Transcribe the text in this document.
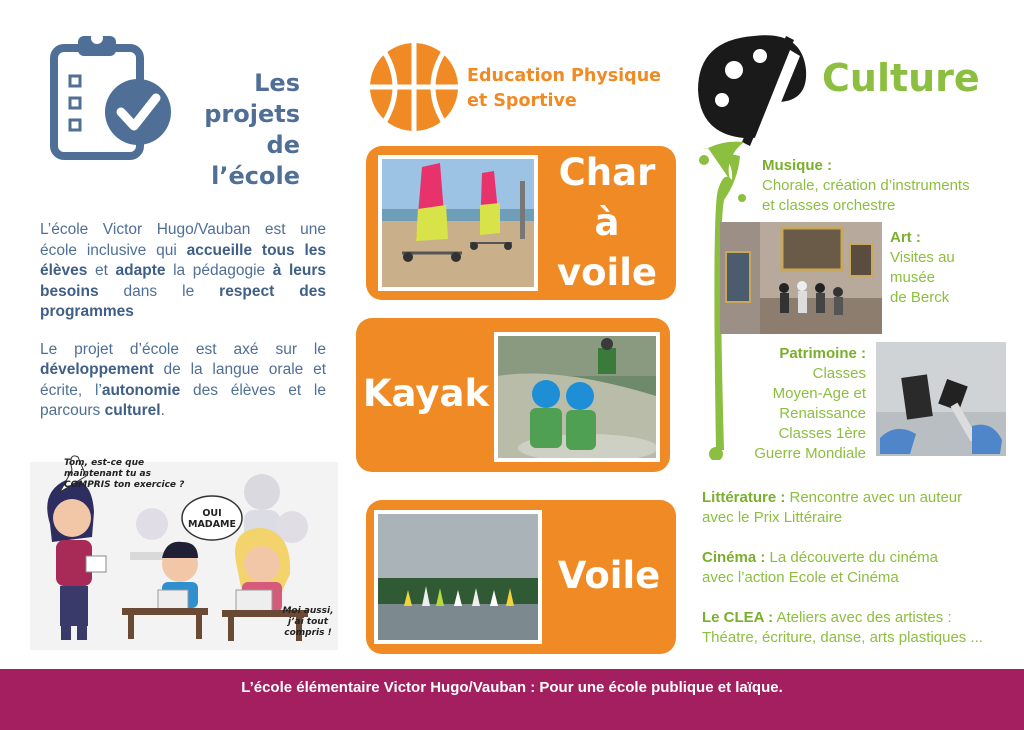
Les
projets
de l’école

L’école Victor Hugo/Vauban est une école inclusive qui accueille tous les élèves et adapte la pédagogie à leurs besoins dans le respect des programmes

Le projet d’école est axé sur le développement de la langue orale et écrite, l’autonomie des élèves et le parcours culturel.

Tom, est-ce que maintenant tu as COMPRIS ton exercice ?
OUI MADAME
Moi aussi, j’ai tout compris !
Education Physique
et Sportive
Char
à
voile
Kayak
Voile
Culture
Musique :
Chorale, création d’instruments
et classes orchestre
Art :
Visites au
musée
de Berck
Patrimoine :
Classes
Moyen-Age et
Renaissance
Classes 1ère
Guerre Mondiale
Littérature : Rencontre avec un auteur
avec le Prix Littéraire
Cinéma : La découverte du cinéma
avec l’action Ecole et Cinéma
Le CLEA : Ateliers avec des artistes :
Théatre, écriture, danse, arts plastiques ...
L’école élémentaire Victor Hugo/Vauban : Pour une école publique et laïque.
